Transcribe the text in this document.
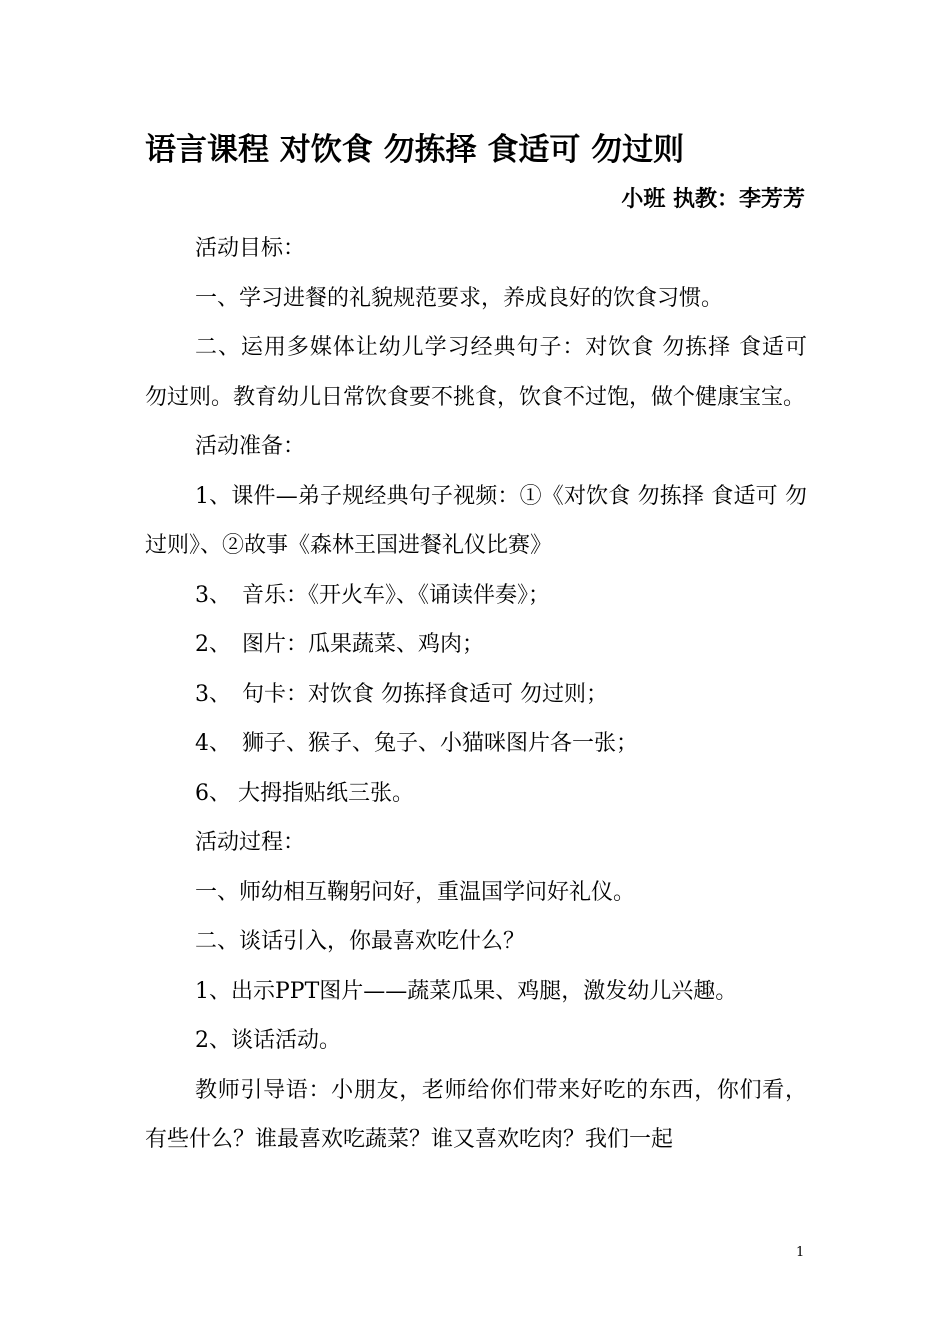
语言课程 对饮食 勿拣择 食适可 勿过则
小班 执教：李芳芳

活动目标：

一、学习进餐的礼貌规范要求，养成良好的饮食习惯。

二、运用多媒体让幼儿学习经典句子：对饮食 勿拣择 食适可 勿过则。教育幼儿日常饮食要不挑食，饮食不过饱，做个健康宝宝。

活动准备：

1、课件—弟子规经典句子视频：①《对饮食 勿拣择 食适可 勿过则》、②故事《森林王国进餐礼仪比赛》

3、　音乐：《开火车》、《诵读伴奏》；

2、　图片：瓜果蔬菜、鸡肉；

3、　句卡：对饮食 勿拣择食适可 勿过则；

4、　狮子、猴子、兔子、小猫咪图片各一张；

6、 大拇指贴纸三张。

活动过程：

一、师幼相互鞠躬问好，重温国学问好礼仪。

二、谈话引入，你最喜欢吃什么？

1、出示PPT图片——蔬菜瓜果、鸡腿，激发幼儿兴趣。

2、谈话活动。

教师引导语：小朋友，老师给你们带来好吃的东西，你们看，有些什么？谁最喜欢吃蔬菜？谁又喜欢吃肉？我们一起

1
